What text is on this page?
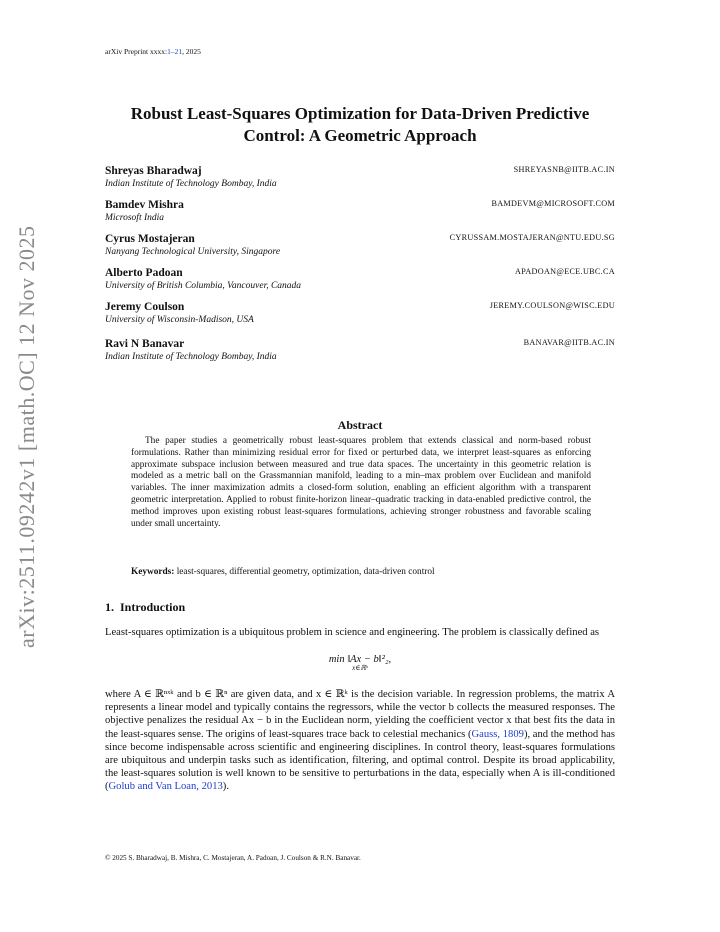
arXiv Preprint xxxx:1–21, 2025
arXiv:2511.09242v1 [math.OC] 12 Nov 2025
Robust Least-Squares Optimization for Data-Driven Predictive Control: A Geometric Approach
Shreyas Bharadwaj
Indian Institute of Technology Bombay, India
SHREYASNB@IITB.AC.IN
Bamdev Mishra
Microsoft India
BAMDEVM@MICROSOFT.COM
Cyrus Mostajeran
Nanyang Technological University, Singapore
CYRUSSAM.MOSTAJERAN@NTU.EDU.SG
Alberto Padoan
University of British Columbia, Vancouver, Canada
APADOAN@ECE.UBC.CA
Jeremy Coulson
University of Wisconsin-Madison, USA
JEREMY.COULSON@WISC.EDU
Ravi N Banavar
Indian Institute of Technology Bombay, India
BANAVAR@IITB.AC.IN
Abstract
The paper studies a geometrically robust least-squares problem that extends classical and norm-based robust formulations. Rather than minimizing residual error for fixed or perturbed data, we interpret least-squares as enforcing approximate subspace inclusion between measured and true data spaces. The uncertainty in this geometric relation is modeled as a metric ball on the Grassmannian manifold, leading to a min–max problem over Euclidean and manifold variables. The inner maximization admits a closed-form solution, enabling an efficient algorithm with a transparent geometric interpretation. Applied to robust finite-horizon linear–quadratic tracking in data-enabled predictive control, the method improves upon existing robust least-squares formulations, achieving stronger robustness and favorable scaling under small uncertainty.
Keywords: least-squares, differential geometry, optimization, data-driven control
1. Introduction
Least-squares optimization is a ubiquitous problem in science and engineering. The problem is classically defined as
min ‖Ax − b‖²₂,
x∈ℝᵏ
where A ∈ ℝⁿˣᵏ and b ∈ ℝⁿ are given data, and x ∈ ℝᵏ is the decision variable. In regression problems, the matrix A represents a linear model and typically contains the regressors, while the vector b collects the measured responses. The objective penalizes the residual Ax − b in the Euclidean norm, yielding the coefficient vector x that best fits the data in the least-squares sense. The origins of least-squares trace back to celestial mechanics (Gauss, 1809), and the method has since become indispensable across scientific and engineering disciplines. In control theory, least-squares formulations are ubiquitous and underpin tasks such as identification, filtering, and optimal control. Despite its broad applicability, the least-squares solution is well known to be sensitive to perturbations in the data, especially when A is ill-conditioned (Golub and Van Loan, 2013).
© 2025 S. Bharadwaj, B. Mishra, C. Mostajeran, A. Padoan, J. Coulson & R.N. Banavar.
